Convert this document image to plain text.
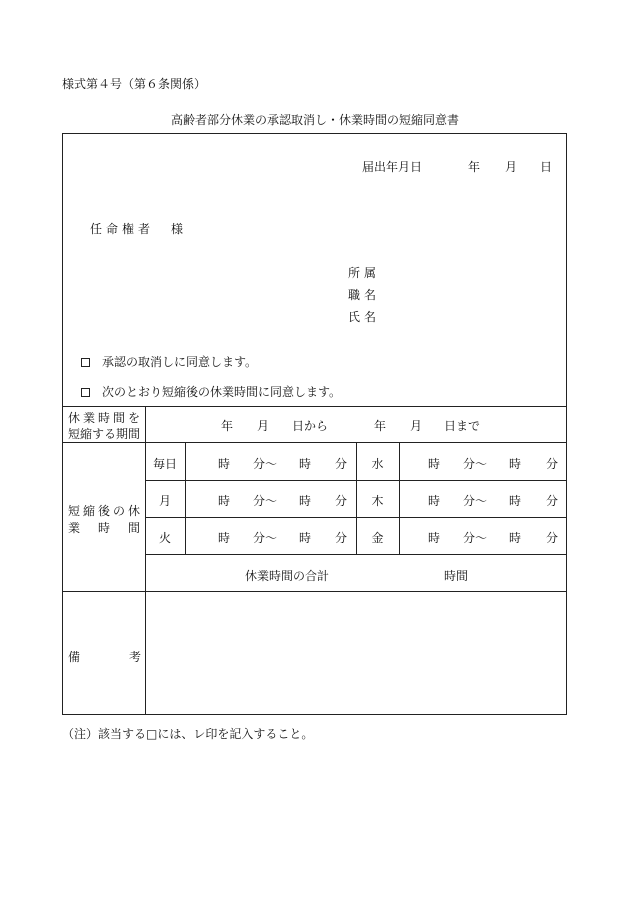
様式第４号（第６条関係）
高齢者部分休業の承認取消し・休業時間の短縮同意書
届出年月日	年 月 日
任命権者 様
所属
職名
氏名
承認の取消しに同意します。
次のとおり短縮後の休業時間に同意します。
休業時間を
短縮する期間
年 月 日から	年 月 日まで
短縮後の休
業　時　間
毎日	時 分～ 時 分	水	時 分～ 時 分
月	時 分～ 時 分	木	時 分～ 時 分
火	時 分～ 時 分	金	時 分～ 時 分
休業時間の合計	時間
備	考
（注） 該当する□には、レ印を記入すること。
